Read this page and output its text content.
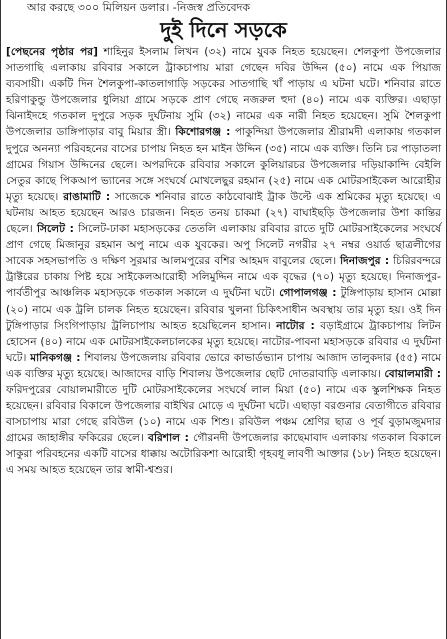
আর করছে ৩০০ মিলিয়ন ডলার। -নিজস্ব প্রতিবেদক
দুই দিনে সড়কে

[পেছনের পৃষ্ঠার পর] শাহিনুর ইসলাম লিখন (৩২) নামে যুবক নিহত হয়েছেন। শেলকুপা উপজেলার সাতগাছি এলাকায় রবিবার সকালে ট্রাকচাপায় মারা গেছেন দবির উদ্দিন (৫০) নামে এক পিয়াজ ব্যবসায়ী। একটি দিন শৈলকুপা-কাতলাগাড়ি সড়কের সাতগাছি খাঁ পাড়ায় এ ঘটনা ঘটে। শনিবার রাতে হরিণাকুন্ডু উপজেলার ধুলিয়া গ্রামে সড়কে প্রাণ গেছে নজরুল হুদা (৪০) নামে এক ব্যক্তির। এছাড়া ঝিনাইদহে গতকাল দুপুরে সড়ক দুর্ঘটনায় সুমি (৩২) নামের এক নারী নিহত হয়েছেন। সুমি শৈলকুপা উপজেলার ডাঙ্গিপাড়ার বাবু মিয়ার স্ত্রী। কিশোরগঞ্জ : পাকুন্দিয়া উপজেলার শ্রীরামদী এলাকায় গতকাল দুপুরে অনন্যা পরিবহনের বাসের চাপায় নিহত হন মাইন উদ্দিন (৩৫) নামে এক ব্যক্তি। তিনি চর পাড়াতলা গ্রামের গিয়াস উদ্দিনের ছেলে। অপরদিকে রবিবার সকালে কুলিয়ারচর উপজেলার দড়িয়াকান্দি বেইলি সেতুর কাছে পিকআপ ভ্যানের সঙ্গে সংঘর্ষে মোখলেছুর রহমান (২৫) নামে এক মোটরসাইকেল আরোহীর মৃত্যু হয়েছে। রাঙামাটি : সাজেকে শনিবার রাতে কাঠবোঝাই ট্রাক উল্টে এক শ্রমিকের মৃত্যু হয়েছে। এ ঘটনায় আহত হয়েছেন আরও চারজন। নিহত তনয় চাকমা (২৭) বাঘাইছড়ি উপজেলার উশা কান্তির ছেলে। সিলেট : সিলেট-ঢাকা মহাসড়কের তেতলি এলাকায় রবিবার রাতে দুটি মোটরসাইকেলের সংঘর্ষে প্রাণ গেছে মিজানুর রহমান অপু নামে এক যুবকের। অপু সিলেট নগরীর ২৭ নম্বর ওয়ার্ড ছাত্রলীগের সাবেক সহসভাপতি ও দক্ষিণ সুরমার আলমপুরের বশির আহমদ বাবুলের ছেলে। দিনাজপুর : চিরিরবন্দরে ট্রাক্টরের চাকায় পিষ্ট হয়ে সাইকেলআরোহী সলিমুদ্দিন নামে এক বৃদ্ধের (৭০) মৃত্যু হয়েছে। দিনাজপুর-পার্বতীপুর আঞ্চলিক মহাসড়কে গতকাল সকালে এ দুর্ঘটনা ঘটে। গোপালগঞ্জ : টুঙ্গিপাড়ায় হাসান মোল্লা (২০) নামে এক ট্রলি চালক নিহত হয়েছেন। রবিবার খুলনা চিকিৎসাধীন অবস্থায় তার মৃত্যু হয়। ওই দিন টুঙ্গিপাড়ার সিংগিপাড়ায় ট্রলিচাপায় আহত হয়েছিলেন হাসান। নাটোর : বড়াইগ্রামে ট্রাকচাপায় লিটন হোসেন (৪০) নামে এক মোটরসাইকেলচালকের মৃত্যু হয়েছে। নাটোর-পাবনা মহাসড়কে রবিবার এ দুর্ঘটনা ঘটে। মানিকগঞ্জ : শিবালয় উপজেলায় রবিবার ভোরে কাভার্ডভ্যান চাপায় আজাদ তালুকদার (৫৫) নামে এক ব্যক্তির মৃত্যু হয়েছে। আজাদের বাড়ি শিবালয় উপজেলার ছোট দোতরাবাড়ি এলাকায়। বোয়ালমারী : ফরিদপুরের বোয়ালমারীতে দুটি মোটরসাইকেলের সংঘর্ষে লাল মিয়া (৫০) নামে এক স্কুলশিক্ষক নিহত হয়েছেন। রবিবার বিকালে উপজেলার বাইখির মোড়ে এ দুর্ঘটনা ঘটে। এছাড়া বরগুনার বেতাগীতে রবিবার বাসচাপায় মারা গেছে রবিউল (১০) নামে এক শিশু। রবিউল পঞ্চম শ্রেণির ছাত্র ও পূর্ব বুড়ামজুমদার গ্রামের জাহাঙ্গীর ফকিরের ছেলে। বরিশাল : গৌরনদী উপজেলার কাছেমাবাদ এলাকায় গতকাল বিকালে সাকুরা পরিবহনের একটি বাসের ধাক্কায় অটোরিকশা আরোহী গৃহবধূ লাবণী আক্তার (১৮) নিহত হয়েছেন। এ সময় আহত হয়েছেন তার স্বামী-শ্বশুর।
